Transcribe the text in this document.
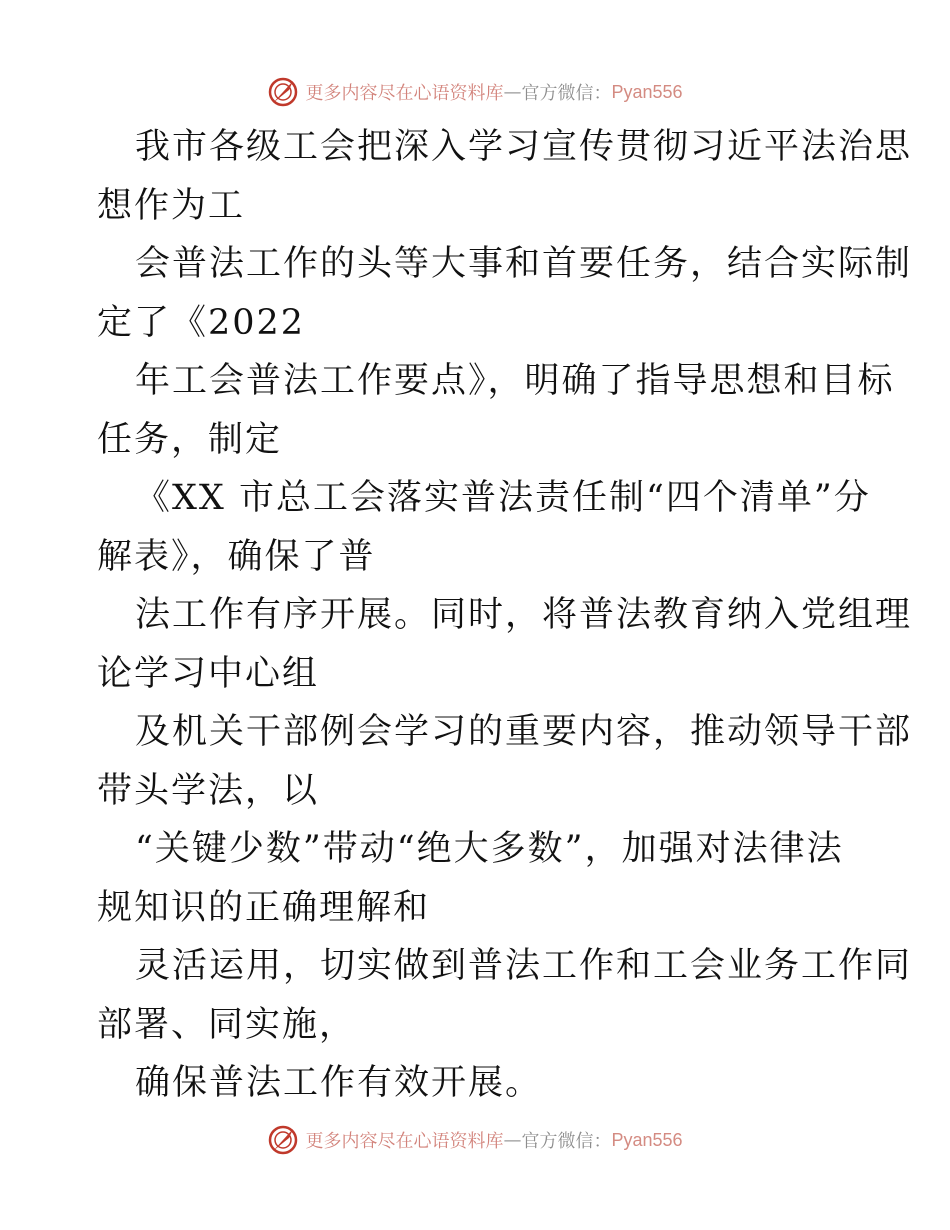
更多内容尽在心语资料库 — 官方微信： Pyan556
我市各级工会把深入学习宣传贯彻习近平法治思
想作为工
会普法工作的头等大事和首要任务，结合实际制
定了《2022
年工会普法工作要点》，明确了指导思想和目标
任务，制定
《XX 市总工会落实普法责任制“四个清单”分
解表》，确保了普
法工作有序开展。同时，将普法教育纳入党组理
论学习中心组
及机关干部例会学习的重要内容，推动领导干部
带头学法，以
“关键少数”带动“绝大多数”，加强对法律法
规知识的正确理解和
灵活运用，切实做到普法工作和工会业务工作同
部署、同实施，
确保普法工作有效开展。
更多内容尽在心语资料库 — 官方微信： Pyan556
